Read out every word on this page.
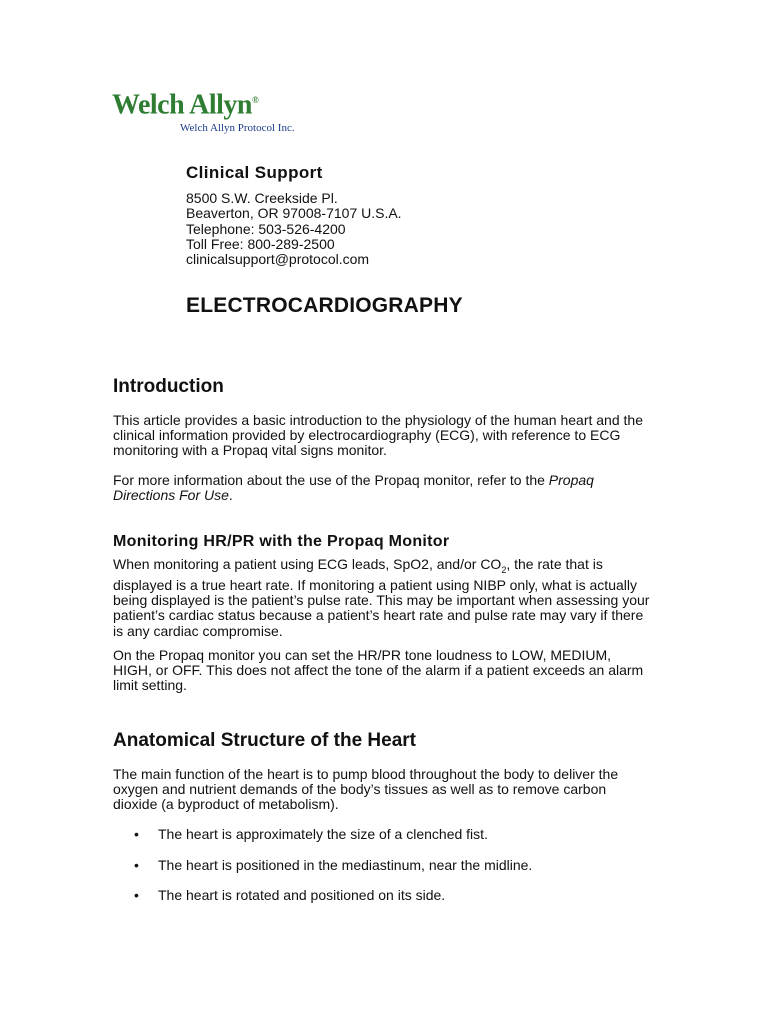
Welch Allyn®
Welch Allyn Protocol Inc.
Clinical Support

8500 S.W. Creekside Pl.

Beaverton, OR 97008-7107 U.S.A.

Telephone: 503-526-4200

Toll Free: 800-289-2500

clinicalsupport@protocol.com

ELECTROCARDIOGRAPHY
Introduction

This article provides a basic introduction to the physiology of the human heart and the clinical information provided by electrocardiography (ECG), with reference to ECG monitoring with a Propaq vital signs monitor.

For more information about the use of the Propaq monitor, refer to the Propaq Directions For Use.

Monitoring HR/PR with the Propaq Monitor

When monitoring a patient using ECG leads, SpO2, and/or $CO_2$, the rate that is displayed is a true heart rate. If monitoring a patient using NIBP only, what is actually being displayed is the patient’s pulse rate. This may be important when assessing your patient’s cardiac status because a patient’s heart rate and pulse rate may vary if there is any cardiac compromise.

On the Propaq monitor you can set the HR/PR tone loudness to LOW, MEDIUM, HIGH, or OFF. This does not affect the tone of the alarm if a patient exceeds an alarm limit setting.

Anatomical Structure of the Heart

The main function of the heart is to pump blood throughout the body to deliver the oxygen and nutrient demands of the body’s tissues as well as to remove carbon dioxide (a byproduct of metabolism).

• The heart is approximately the size of a clenched fist.
• The heart is positioned in the mediastinum, near the midline.
• The heart is rotated and positioned on its side.
